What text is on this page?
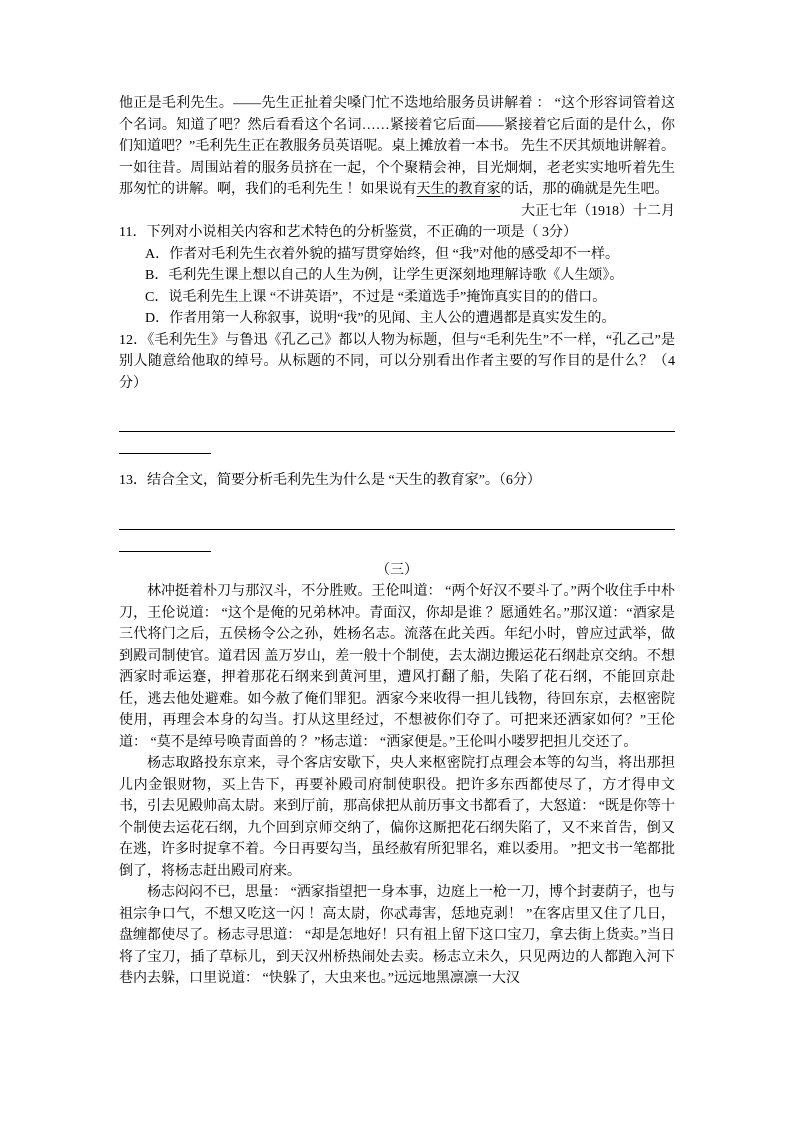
他正是毛利先生。——先生正扯着尖嗓门忙不迭地给服务员讲解着 ： “这个形容词管着这个名词。知道了吧？然后看看这个名词……紧接着它后面——紧接着它后面的是什么，你们知道吧？”毛利先生正在教服务员英语呢。桌上摊放着一本书。 先生不厌其烦地讲解着。一如往昔。周围站着的服务员挤在一起，个个聚精会神，目光炯炯，老老实实地听着先生那匆忙的讲解。啊，我们的毛利先生 ！如果说有天生的教育家的话，那的确就是先生吧。

大正七年（1918）十二月

11．下列对小说相关内容和艺术特色的分析鉴赏，不正确的一项是（ 3分）

A．作者对毛利先生衣着外貌的描写贯穿始终，但 “我”对他的感受却不一样。

B．毛利先生课上想以自己的人生为例，让学生更深刻地理解诗歌《人生颂》。

C．说毛利先生上课 “不讲英语”，不过是 “柔道选手”掩饰真实目的的借口。

D．作者用第一人称叙事，说明“我”的见闻、主人公的遭遇都是真实发生的。

12．《毛利先生》与鲁迅《孔乙己》都以人物为标题，但与“毛利先生”不一样，“孔乙己”是别人随意给他取的绰号。从标题的不同，可以分别看出作者主要的写作目的是什么？（4分）

13．结合全文，简要分析毛利先生为什么是 “天生的教育家”。（6分）

（三）

林冲挺着朴刀与那汉斗，不分胜败。王伦叫道： “两个好汉不要斗了。”两个收住手中朴刀，王伦说道： “这个是俺的兄弟林冲。青面汉，你却是谁 ？愿通姓名。”那汉道：“酒家是三代将门之后，五侯杨令公之孙，姓杨名志。流落在此关西。年纪小时，曾应过武举，做到殿司制使官。道君因 盖万岁山，差一般十个制使，去太湖边搬运花石纲赴京交纳。不想洒家时乖运蹇，押着那花石纲来到黄河里，遭风打翻了船，失陷了花石纲，不能回京赴任，逃去他处避难。如今赦了俺们罪犯。洒家今来收得一担儿钱物，待回东京，去枢密院使用，再理会本身的勾当。打从这里经过，不想被你们夺了。可把来还洒家如何？”王伦道： “莫不是绰号唤青面兽的 ？”杨志道： “洒家便是。”王伦叫小喽罗把担儿交还了。

杨志取路投东京来，寻个客店安歇下，央人来枢密院打点理会本等的勾当，将出那担儿内金银财物，买上告下，再要补殿司府制使职役。把许多东西都使尽了，方才得申文书，引去见殿帅高太尉。来到厅前，那高俅把从前历事文书都看了，大怒道： “既是你等十个制使去运花石纲，九个回到京师交纳了，偏你这厮把花石纲失陷了，又不来首告，倒又在逃，许多时捉拿不着。今日再要勾当，虽经赦宥所犯罪名，难以委用。 ”把文书一笔都批倒了，将杨志赶出殿司府来。

杨志闷闷不已，思量： “洒家指望把一身本事，边庭上一枪一刀，博个封妻荫子，也与祖宗争口气，不想又吃这一闪 ！高太尉，你忒毒害，恁地克剥！ ”在客店里又住了几日，盘缠都使尽了。杨志寻思道： “却是怎地好！只有祖上留下这口宝刀，拿去街上货卖。”当日将了宝刀，插了草标儿，到天汉州桥热闹处去卖。杨志立未久，只见两边的人都跑入河下巷内去躲，口里说道： “快躲了，大虫来也。”远远地黑凛凛一大汉
